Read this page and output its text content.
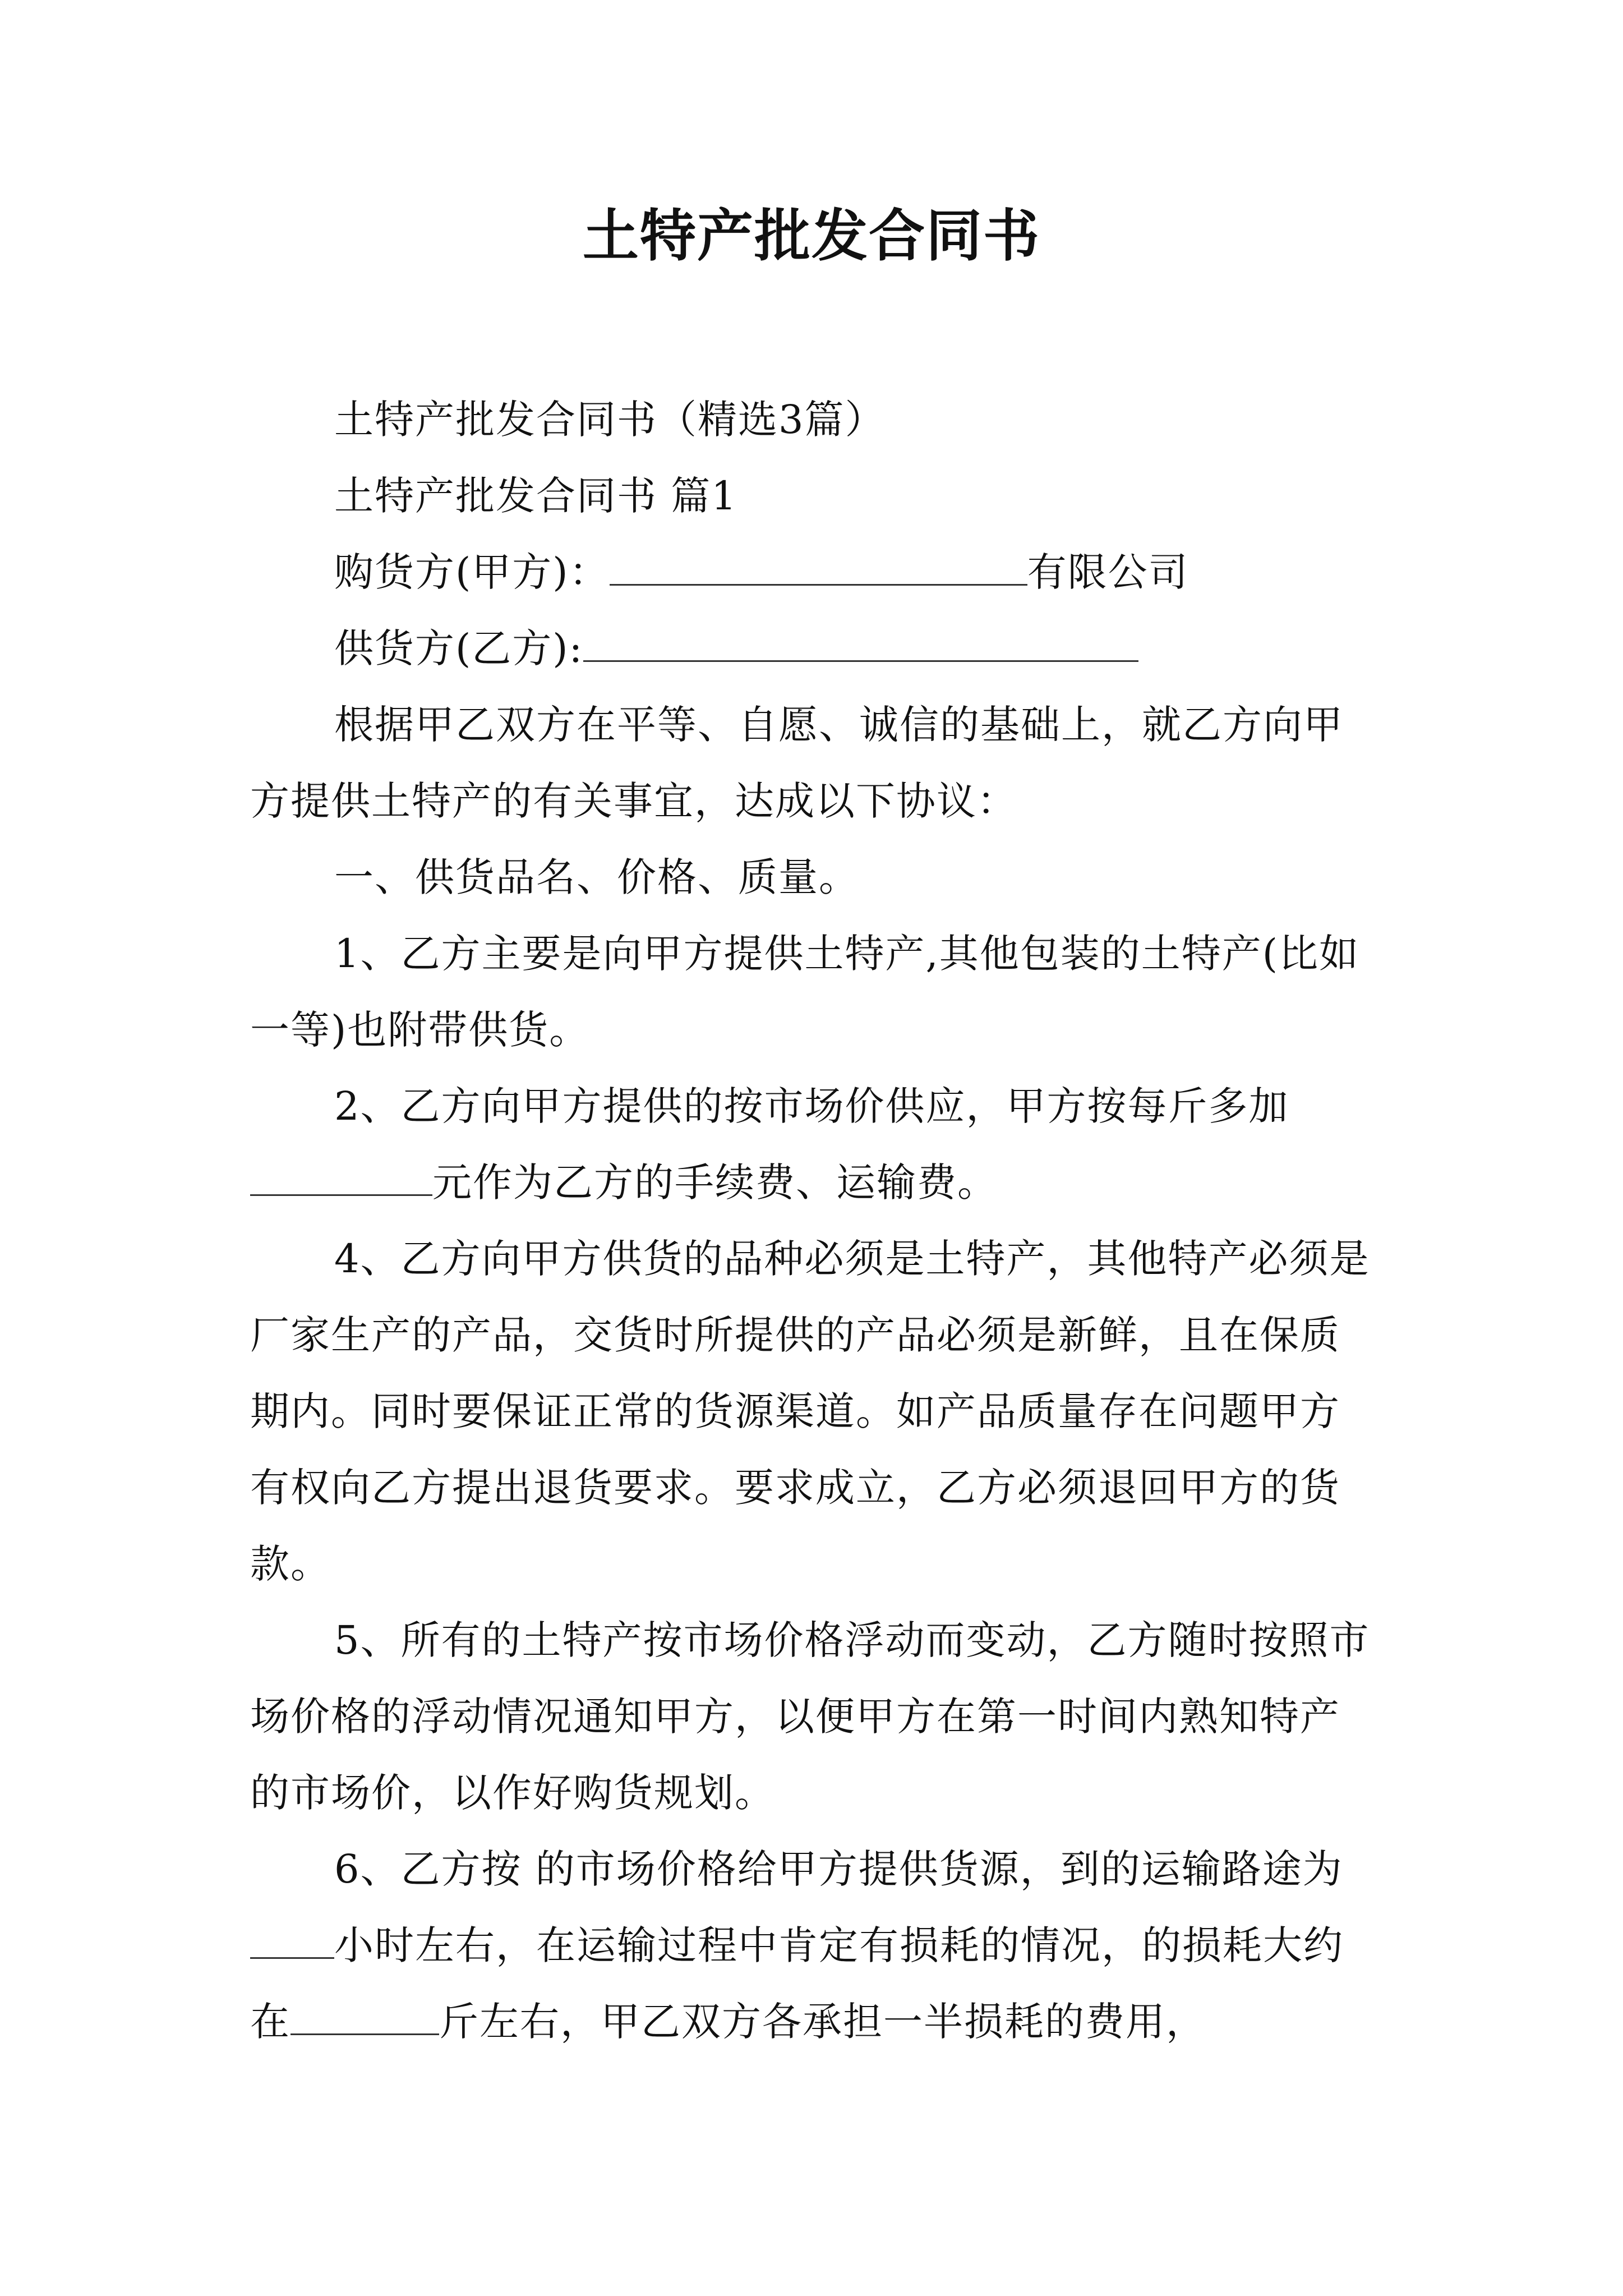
土特产批发合同书

土特产批发合同书（精选3篇）

土特产批发合同书 篇1

购货方(甲方)：	有限公司

供货方(乙方):

根据甲乙双方在平等、自愿、诚信的基础上，就乙方向甲方提供土特产的有关事宜，达成以下协议：

一、供货品名、价格、质量。

1、乙方主要是向甲方提供土特产,其他包装的土特产(比如一等)也附带供货。

2、乙方向甲方提供的按市场价供应，甲方按每斤多加元作为乙方的手续费、运输费。

4、乙方向甲方供货的品种必须是土特产，其他特产必须是厂家生产的产品，交货时所提供的产品必须是新鲜，且在保质期内。同时要保证正常的货源渠道。如产品质量存在问题甲方有权向乙方提出退货要求。要求成立，乙方必须退回甲方的货款。

5、所有的土特产按市场价格浮动而变动，乙方随时按照市场价格的浮动情况通知甲方，以便甲方在第一时间内熟知特产的市场价，以作好购货规划。

6、乙方按 的市场价格给甲方提供货源，到的运输路途为小时左右，在运输过程中肯定有损耗的情况，的损耗大约在	斤左右，甲乙双方各承担一半损耗的费用，
